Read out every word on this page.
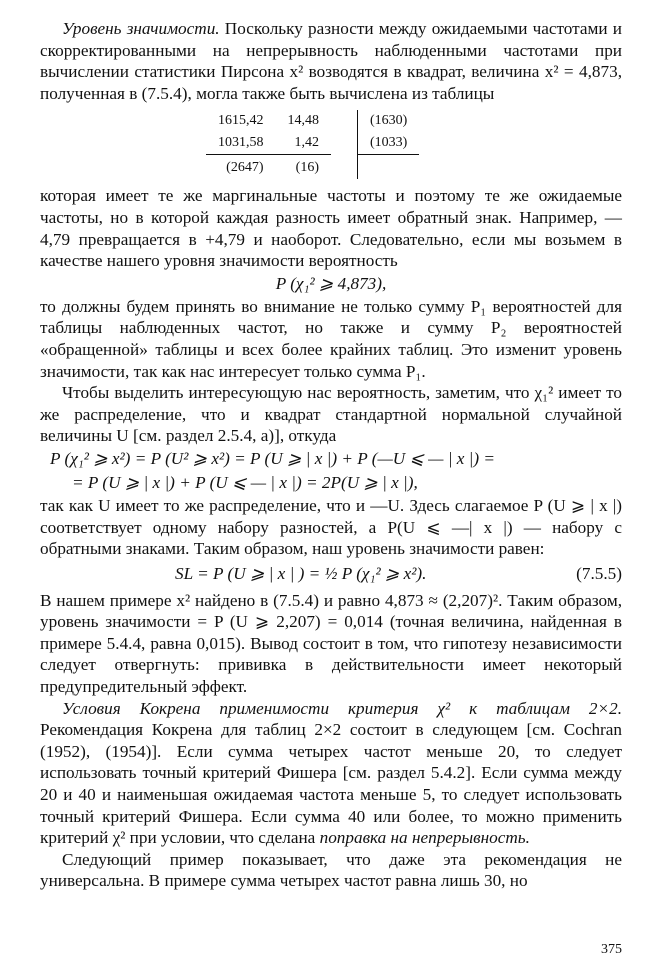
Уровень значимости. Поскольку разности между ожидаемыми частотами и скорректированными на непрерывность наблюденными частотами при вычислении статистики Пирсона x² возводятся в квадрат, величина x² = 4,873, полученная в (7.5.4), могла также быть вычислена из таблицы

1615,42	14,48		(1630)
1031,58	1,42		(1033)
(2647)	(16)		

которая имеет те же маргинальные частоты и поэтому те же ожидаемые частоты, но в которой каждая разность имеет обратный знак. Например, — 4,79 превращается в +4,79 и наоборот. Следовательно, если мы возьмем в качестве нашего уровня значимости вероятность

P (χ₁² ⩾ 4,873),

то должны будем принять во внимание не только сумму P₁ вероятностей для таблицы наблюденных частот, но также и сумму P₂ вероятностей «обращенной» таблицы и всех более крайних таблиц. Это изменит уровень значимости, так как нас интересует только сумма P₁.

Чтобы выделить интересующую нас вероятность, заметим, что χ₁² имеет то же распределение, что и квадрат стандартной нормальной случайной величины U [см. раздел 2.5.4, а)], откуда

P (χ₁² ⩾ x²) = P (U² ⩾ x²) = P (U ⩾ | x |) + P (—U ⩽ — | x |) =
= P (U ⩾ | x |) + P (U ⩽ — | x |) = 2P(U ⩾ | x |),

так как U имеет то же распределение, что и —U. Здесь слагаемое P (U ⩾ | x |) соответствует одному набору разностей, а P(U ⩽ —| x |) — набору с обратными знаками. Таким образом, наш уровень значимости равен:

SL = P (U ⩾ | x | ) = ½ P (χ₁² ⩾ x²).	(7.5.5)

В нашем примере x² найдено в (7.5.4) и равно 4,873 ≈ (2,207)². Таким образом, уровень значимости = P (U ⩾ 2,207) = 0,014 (точная величина, найденная в примере 5.4.4, равна 0,015). Вывод состоит в том, что гипотезу независимости следует отвергнуть: прививка в действительности имеет некоторый предупредительный эффект.

Условия Кокрена применимости критерия χ² к таблицам 2×2. Рекомендация Кокрена для таблиц 2×2 состоит в следующем [см. Cochran (1952), (1954)]. Если сумма четырех частот меньше 20, то следует использовать точный критерий Фишера [см. раздел 5.4.2]. Если сумма между 20 и 40 и наименьшая ожидаемая частота меньше 5, то следует использовать точный критерий Фишера. Если сумма 40 или более, то можно применить критерий χ² при условии, что сделана поправка на непрерывность.

Следующий пример показывает, что даже эта рекомендация не универсальна. В примере сумма четырех частот равна лишь 30, но

375
